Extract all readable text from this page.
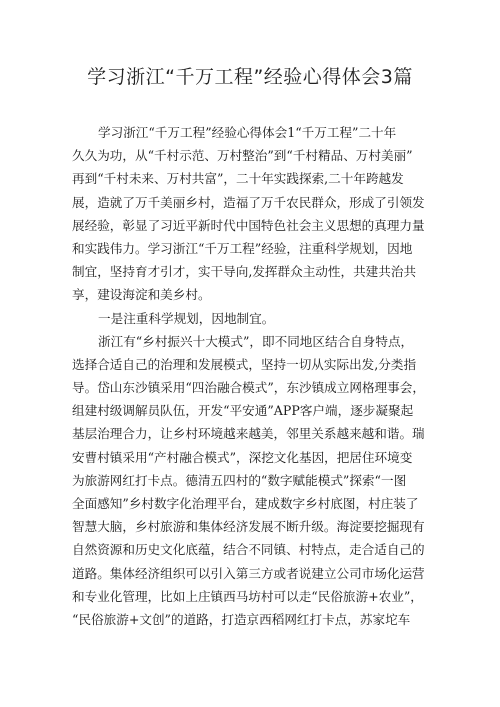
学习浙江“千万工程”经验心得体会3篇
学习浙江“千万工程”经验心得体会1“千万工程”二十年
久久为功，从“千村示范、万村整治”到“千村精品、万村美丽”
再到“千村未来、万村共富”，二十年实践探索,二十年跨越发
展，造就了万千美丽乡村，造福了万千农民群众，形成了引领发
展经验，彰显了习近平新时代中国特色社会主义思想的真理力量
和实践伟力。学习浙江“千万工程”经验，注重科学规划，因地
制宜，坚持育才引才，实干导向,发挥群众主动性，共建共治共
享，建设海淀和美乡村。
一是注重科学规划，因地制宜。
浙江有“乡村振兴十大模式”，即不同地区结合自身特点，
选择合适自己的治理和发展模式，坚持一切从实际出发,分类指
导。岱山东沙镇采用“四治融合模式”，东沙镇成立网格理事会，
组建村级调解员队伍，开发“平安通”APP客户端，逐步凝聚起
基层治理合力，让乡村环境越来越美，邻里关系越来越和谐。瑞
安曹村镇采用“产村融合模式”，深挖文化基因，把居住环境变
为旅游网红打卡点。德清五四村的“数字赋能模式”探索“一图
全面感知”乡村数字化治理平台，建成数字乡村底图，村庄装了
智慧大脑，乡村旅游和集体经济发展不断升级。海淀要挖掘现有
自然资源和历史文化底蕴，结合不同镇、村特点，走合适自己的
道路。集体经济组织可以引入第三方或者说建立公司市场化运营
和专业化管理，比如上庄镇西马坊村可以走“民俗旅游+农业”，
“民俗旅游+文创”的道路，打造京西稻网红打卡点，苏家坨车
